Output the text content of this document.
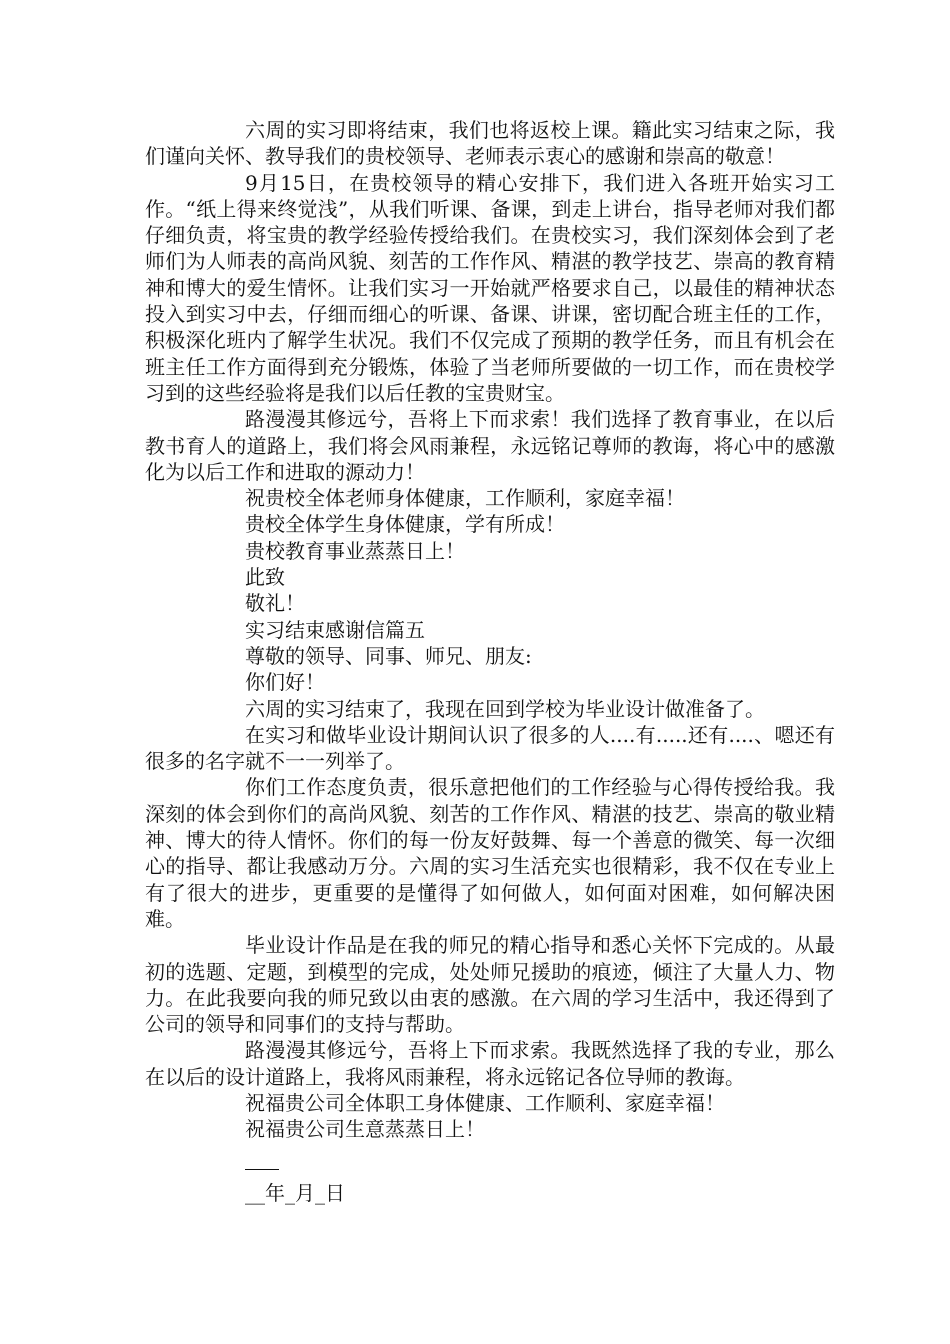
六周的实习即将结束，我们也将返校上课。籍此实习结束之际，我们谨向关怀、教导我们的贵校领导、老师表示衷心的感谢和崇高的敬意！

9月15日，在贵校领导的精心安排下，我们进入各班开始实习工作。“纸上得来终觉浅”，从我们听课、备课，到走上讲台，指导老师对我们都仔细负责，将宝贵的教学经验传授给我们。在贵校实习，我们深刻体会到了老师们为人师表的高尚风貌、刻苦的工作作风、精湛的教学技艺、崇高的教育精神和博大的爱生情怀。让我们实习一开始就严格要求自己，以最佳的精神状态投入到实习中去，仔细而细心的听课、备课、讲课，密切配合班主任的工作，积极深化班内了解学生状况。我们不仅完成了预期的教学任务，而且有机会在班主任工作方面得到充分锻炼，体验了当老师所要做的一切工作，而在贵校学习到的这些经验将是我们以后任教的宝贵财宝。

路漫漫其修远兮，吾将上下而求索！我们选择了教育事业，在以后教书育人的道路上，我们将会风雨兼程，永远铭记尊师的教诲，将心中的感激化为以后工作和进取的源动力！

祝贵校全体老师身体健康，工作顺利，家庭幸福！

贵校全体学生身体健康，学有所成！

贵校教育事业蒸蒸日上！

此致

敬礼！

实习结束感谢信篇五

尊敬的领导、同事、师兄、朋友:

你们好！

六周的实习结束了，我现在回到学校为毕业设计做准备了。

在实习和做毕业设计期间认识了很多的人....有.....还有....、嗯还有很多的名字就不一一列举了。

你们工作态度负责，很乐意把他们的工作经验与心得传授给我。我深刻的体会到你们的高尚风貌、刻苦的工作作风、精湛的技艺、崇高的敬业精神、博大的待人情怀。你们的每一份友好鼓舞、每一个善意的微笑、每一次细心的指导、都让我感动万分。六周的实习生活充实也很精彩，我不仅在专业上有了很大的进步，更重要的是懂得了如何做人，如何面对困难，如何解决困难。

毕业设计作品是在我的师兄的精心指导和悉心关怀下完成的。从最初的选题、定题，到模型的完成，处处师兄援助的痕迹，倾注了大量人力、物力。在此我要向我的师兄致以由衷的感激。在六周的学习生活中，我还得到了公司的领导和同事们的支持与帮助。

路漫漫其修远兮，吾将上下而求索。我既然选择了我的专业，那么在以后的设计道路上，我将风雨兼程，将永远铭记各位导师的教诲。

祝福贵公司全体职工身体健康、工作顺利、家庭幸福！

祝福贵公司生意蒸蒸日上！

__年_月_日
